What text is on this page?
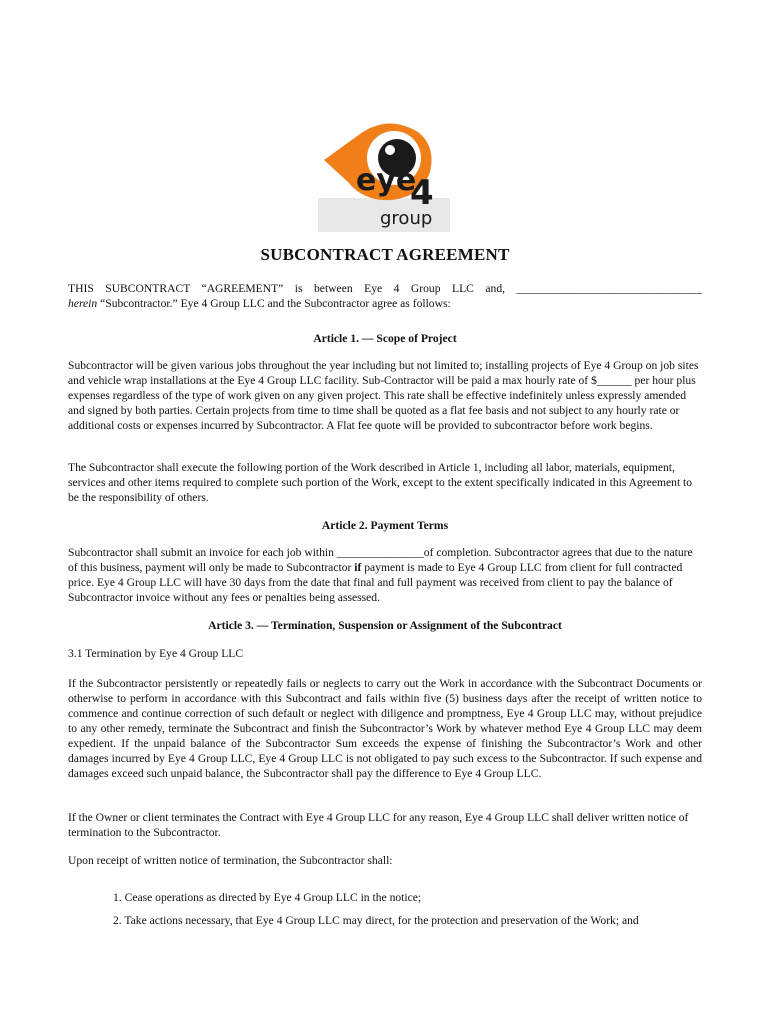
eye
4
group
SUBCONTRACT AGREEMENT
THIS SUBCONTRACT “AGREEMENT” is between Eye 4 Group LLC and, ________________________________
herein “Subcontractor.” Eye 4 Group LLC and the Subcontractor agree as follows:
Article 1. — Scope of Project
Subcontractor will be given various jobs throughout the year including but not limited to; installing projects of Eye 4 Group on job sites and vehicle wrap installations at the Eye 4 Group LLC facility. Sub-Contractor will be paid a max hourly rate of $______ per hour plus expenses regardless of the type of work given on any given project. This rate shall be effective indefinitely unless expressly amended and signed by both parties. Certain projects from time to time shall be quoted as a flat fee basis and not subject to any hourly rate or additional costs or expenses incurred by Subcontractor. A Flat fee quote will be provided to subcontractor before work begins.
The Subcontractor shall execute the following portion of the Work described in Article 1, including all labor, materials, equipment, services and other items required to complete such portion of the Work, except to the extent specifically indicated in this Agreement to be the responsibility of others.
Article 2. Payment Terms
Subcontractor shall submit an invoice for each job within _______________of completion. Subcontractor agrees that due to the nature of this business, payment will only be made to Subcontractor if payment is made to Eye 4 Group LLC from client for full contracted price. Eye 4 Group LLC will have 30 days from the date that final and full payment was received from client to pay the balance of Subcontractor invoice without any fees or penalties being assessed.
Article 3. — Termination, Suspension or Assignment of the Subcontract
3.1 Termination by Eye 4 Group LLC
If the Subcontractor persistently or repeatedly fails or neglects to carry out the Work in accordance with the Subcontract Documents or otherwise to perform in accordance with this Subcontract and fails within five (5) business days after the receipt of written notice to commence and continue correction of such default or neglect with diligence and promptness, Eye 4 Group LLC may, without prejudice to any other remedy, terminate the Subcontract and finish the Subcontractor’s Work by whatever method Eye 4 Group LLC may deem expedient. If the unpaid balance of the Subcontractor Sum exceeds the expense of finishing the Subcontractor’s Work and other damages incurred by Eye 4 Group LLC, Eye 4 Group LLC is not obligated to pay such excess to the Subcontractor. If such expense and damages exceed such unpaid balance, the Subcontractor shall pay the difference to Eye 4 Group LLC.
If the Owner or client terminates the Contract with Eye 4 Group LLC for any reason, Eye 4 Group LLC shall deliver written notice of termination to the Subcontractor.
Upon receipt of written notice of termination, the Subcontractor shall:
1. Cease operations as directed by Eye 4 Group LLC in the notice;
2. Take actions necessary, that Eye 4 Group LLC may direct, for the protection and preservation of the Work; and
